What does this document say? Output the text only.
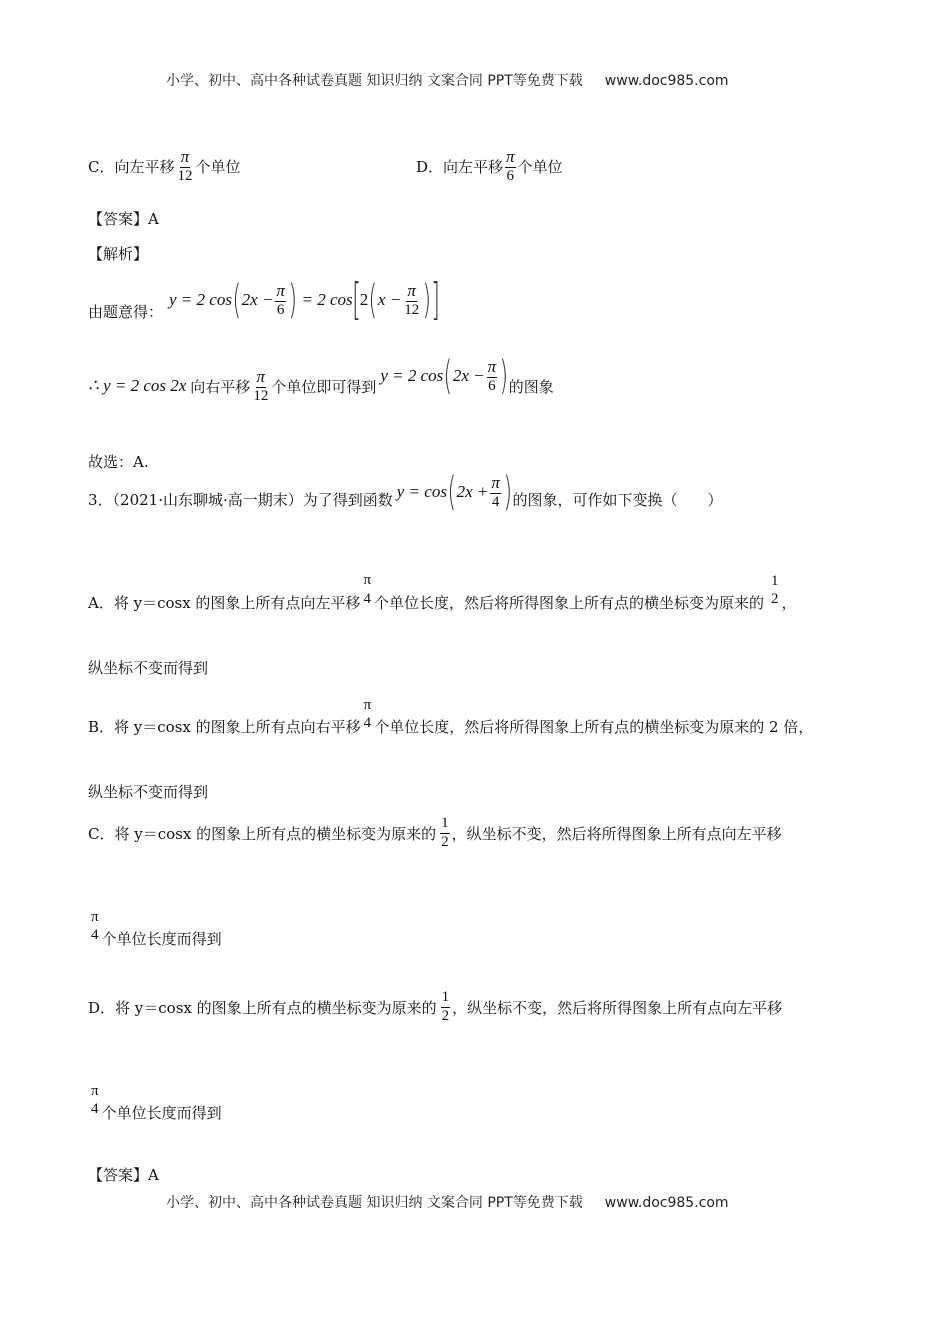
小学、初中、高中各种试卷真题 知识归纳 文案合同 PPT等免费下载 www.doc985.com
C．向左平移 $\frac{\pi}{12}$ 个单位	D．向左平移 $\frac{\pi}{6}$ 个单位
【答案】A
【解析】
由题意得：
y = 2 cos ( $2x - \frac{\pi}{6}$ ) = 2 cos [ 2 ( $x - \frac{\pi}{12}$ ) ]
∴ y = 2 cos 2x 向右平移 $\frac{\pi}{12}$ 个单位即可得到
y = 2 cos ( $2x - \frac{\pi}{6}$ ) 的图象
故选：A.
3．（2021·山东聊城·高一期末）为了得到函数 y = cos ( $2x + \frac{\pi}{4}$ ) 的图象，可作如下变换（　　）
A．将 y＝cosx 的图象上所有点向左平移
π
4 个单位长度，然后将所得图象上所有点的横坐标变为原来的
1
2 ，
纵坐标不变而得到
B．将 y＝cosx 的图象上所有点向右平移
π
4 个单位长度，然后将所得图象上所有点的横坐标变为原来的 2 倍，
纵坐标不变而得到
C．将 y＝cosx 的图象上所有点的横坐标变为原来的 $\frac{1}{2}$ ，纵坐标不变，然后将所得图象上所有点向左平移
π
4 个单位长度而得到
D．将 y＝cosx 的图象上所有点的横坐标变为原来的 $\frac{1}{2}$ ，纵坐标不变，然后将所得图象上所有点向左平移
π
4 个单位长度而得到
【答案】A
小学、初中、高中各种试卷真题 知识归纳 文案合同 PPT等免费下载 www.doc985.com
